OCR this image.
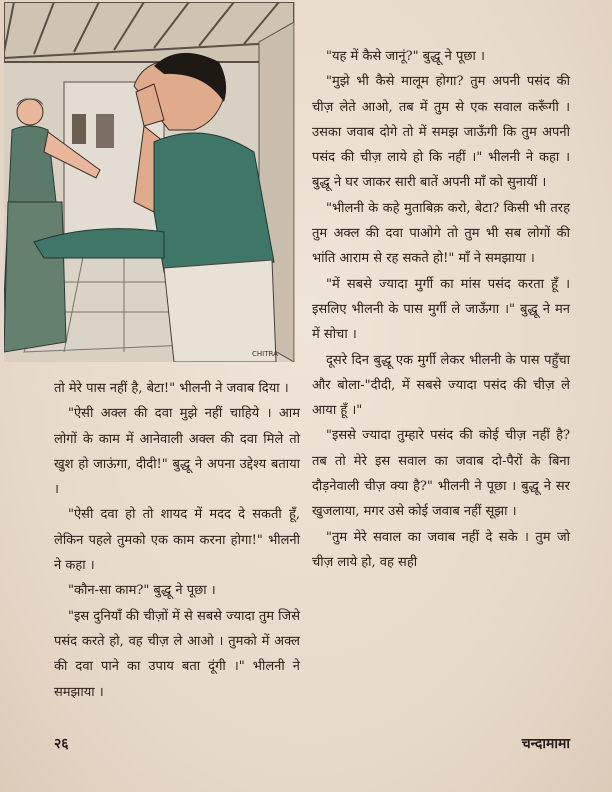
CHITRA

तो मेरे पास नहीं है, बेटा!" भीलनी ने जवाब दिया ।

"ऐसी अक्ल की दवा मुझे नहीं चाहिये । आम लोगों के काम में आनेवाली अक्ल की दवा मिले तो खुश हो जाऊंगा, दीदी!" बुद्धू ने अपना उद्देश्य बताया ।

"ऐसी दवा हो तो शायद में मदद दे सकती हूँ, लेकिन पहले तुमको एक काम करना होगा!" भीलनी ने कहा ।

"कौन-सा काम?" बुद्धू ने पूछा ।

"इस दुनियाँ की चीज़ों में से सबसे ज्यादा तुम जिसे पसंद करते हो, वह चीज़ ले आओ । तुमको में अक्ल की दवा पाने का उपाय बता दूंगी ।" भीलनी ने समझाया ।

"यह में कैसे जानूं?" बुद्धू ने पूछा ।

"मुझे भी कैसे मालूम होगा? तुम अपनी पसंद की चीज़ लेते आओ, तब में तुम से एक सवाल करूँगी । उसका जवाब दोगे तो में समझ जाऊँगी कि तुम अपनी पसंद की चीज़ लाये हो कि नहीं ।" भीलनी ने कहा । बुद्धू ने घर जाकर सारी बातें अपनी माँ को सुनायीं ।

"भीलनी के कहे मुताबिक़ करो, बेटा? किसी भी तरह तुम अक्ल की दवा पाओगे तो तुम भी सब लोगों की भांति आराम से रह सकते हो!" माँ ने समझाया ।

"में सबसे ज्यादा मुर्गी का मांस पसंद करता हूँ । इसलिए भीलनी के पास मुर्गी ले जाऊँगा ।" बुद्धू ने मन में सोचा ।

दूसरे दिन बुद्धू एक मुर्गी लेकर भीलनी के पास पहुँचा और बोला-"दीदी, में सबसे ज्यादा पसंद की चीज़ ले आया हूँ ।"

"इससे ज्यादा तुम्हारे पसंद की कोई चीज़ नहीं है? तब तो मेरे इस सवाल का जवाब दो-पैरों के बिना दौड़नेवाली चीज़ क्या है?" भीलनी ने पूछा । बुद्धू ने सर खुजलाया, मगर उसे कोई जवाब नहीं सूझा ।

"तुम मेरे सवाल का जवाब नहीं दे सके । तुम जो चीज़ लाये हो, वह सही

२६	चन्दामामा
